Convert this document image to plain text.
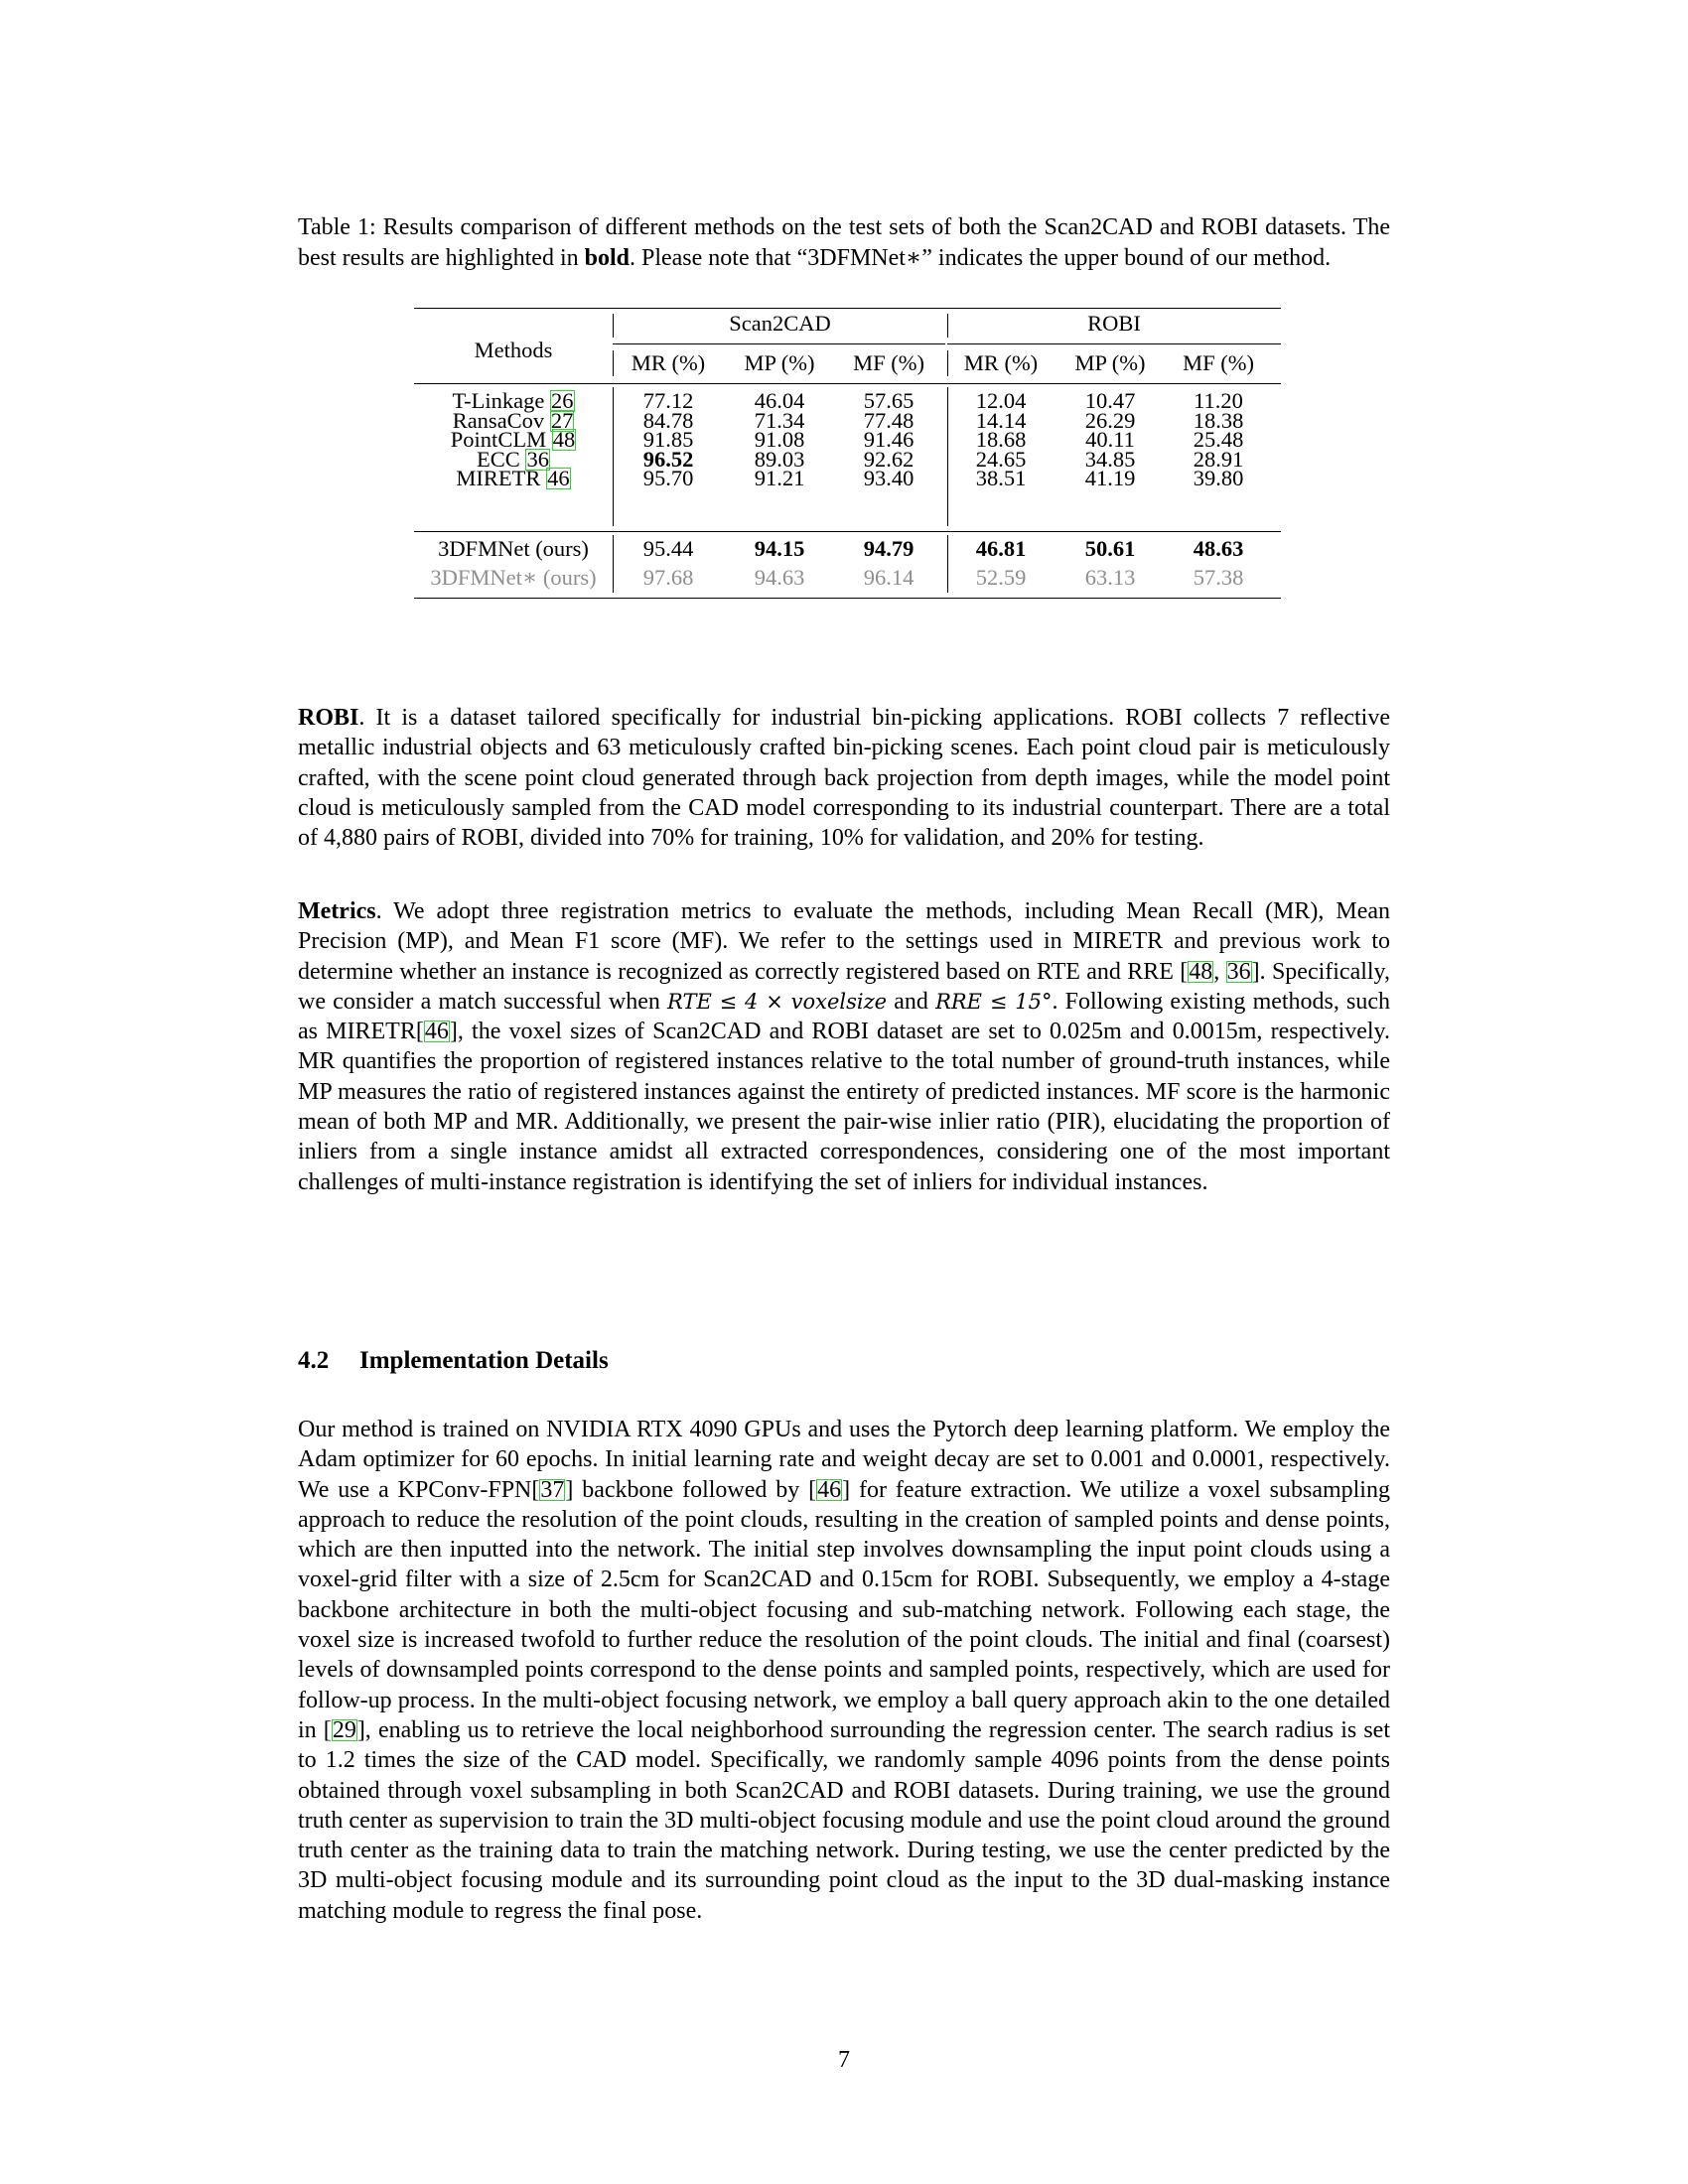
Table 1: Results comparison of different methods on the test sets of both the Scan2CAD and ROBI datasets. The best results are highlighted in bold. Please note that “3DFMNet∗” indicates the upper bound of our method.
Methods
Scan2CAD	ROBI
MR (%)	MP (%)	MF (%)	MR (%)	MP (%)	MF (%)
T-Linkage 26	77.12	46.04	57.65	12.04	10.47	11.20
RansaCov 27	84.78	71.34	77.48	14.14	26.29	18.38
PointCLM 48	91.85	91.08	91.46	18.68	40.11	25.48
ECC 36	96.52	89.03	92.62	24.65	34.85	28.91
MIRETR 46	95.70	91.21	93.40	38.51	41.19	39.80
3DFMNet (ours)	95.44	94.15	94.79	46.81	50.61	48.63
3DFMNet∗ (ours)	97.68	94.63	96.14	52.59	63.13	57.38
ROBI. It is a dataset tailored specifically for industrial bin-picking applications. ROBI collects 7 reflective metallic industrial objects and 63 meticulously crafted bin-picking scenes. Each point cloud pair is meticulously crafted, with the scene point cloud generated through back projection from depth images, while the model point cloud is meticulously sampled from the CAD model corresponding to its industrial counterpart. There are a total of 4,880 pairs of ROBI, divided into 70% for training, 10% for validation, and 20% for testing.
Metrics. We adopt three registration metrics to evaluate the methods, including Mean Recall (MR), Mean Precision (MP), and Mean F1 score (MF). We refer to the settings used in MIRETR and previous work to determine whether an instance is recognized as correctly registered based on RTE and RRE [48, 36]. Specifically, we consider a match successful when RTE ≤ 4 × voxelsize and RRE ≤ 15°. Following existing methods, such as MIRETR[46], the voxel sizes of Scan2CAD and ROBI dataset are set to 0.025m and 0.0015m, respectively. MR quantifies the proportion of registered instances relative to the total number of ground-truth instances, while MP measures the ratio of registered instances against the entirety of predicted instances. MF score is the harmonic mean of both MP and MR. Additionally, we present the pair-wise inlier ratio (PIR), elucidating the proportion of inliers from a single instance amidst all extracted correspondences, considering one of the most important challenges of multi-instance registration is identifying the set of inliers for individual instances.
4.2 Implementation Details
Our method is trained on NVIDIA RTX 4090 GPUs and uses the Pytorch deep learning platform. We employ the Adam optimizer for 60 epochs. In initial learning rate and weight decay are set to 0.001 and 0.0001, respectively. We use a KPConv-FPN[37] backbone followed by [46] for feature extraction. We utilize a voxel subsampling approach to reduce the resolution of the point clouds, resulting in the creation of sampled points and dense points, which are then inputted into the network. The initial step involves downsampling the input point clouds using a voxel-grid filter with a size of 2.5cm for Scan2CAD and 0.15cm for ROBI. Subsequently, we employ a 4-stage backbone architecture in both the multi-object focusing and sub-matching network. Following each stage, the voxel size is increased twofold to further reduce the resolution of the point clouds. The initial and final (coarsest) levels of downsampled points correspond to the dense points and sampled points, respectively, which are used for follow-up process. In the multi-object focusing network, we employ a ball query approach akin to the one detailed in [29], enabling us to retrieve the local neighborhood surrounding the regression center. The search radius is set to 1.2 times the size of the CAD model. Specifically, we randomly sample 4096 points from the dense points obtained through voxel subsampling in both Scan2CAD and ROBI datasets. During training, we use the ground truth center as supervision to train the 3D multi-object focusing module and use the point cloud around the ground truth center as the training data to train the matching network. During testing, we use the center predicted by the 3D multi-object focusing module and its surrounding point cloud as the input to the 3D dual-masking instance matching module to regress the final pose.
7
